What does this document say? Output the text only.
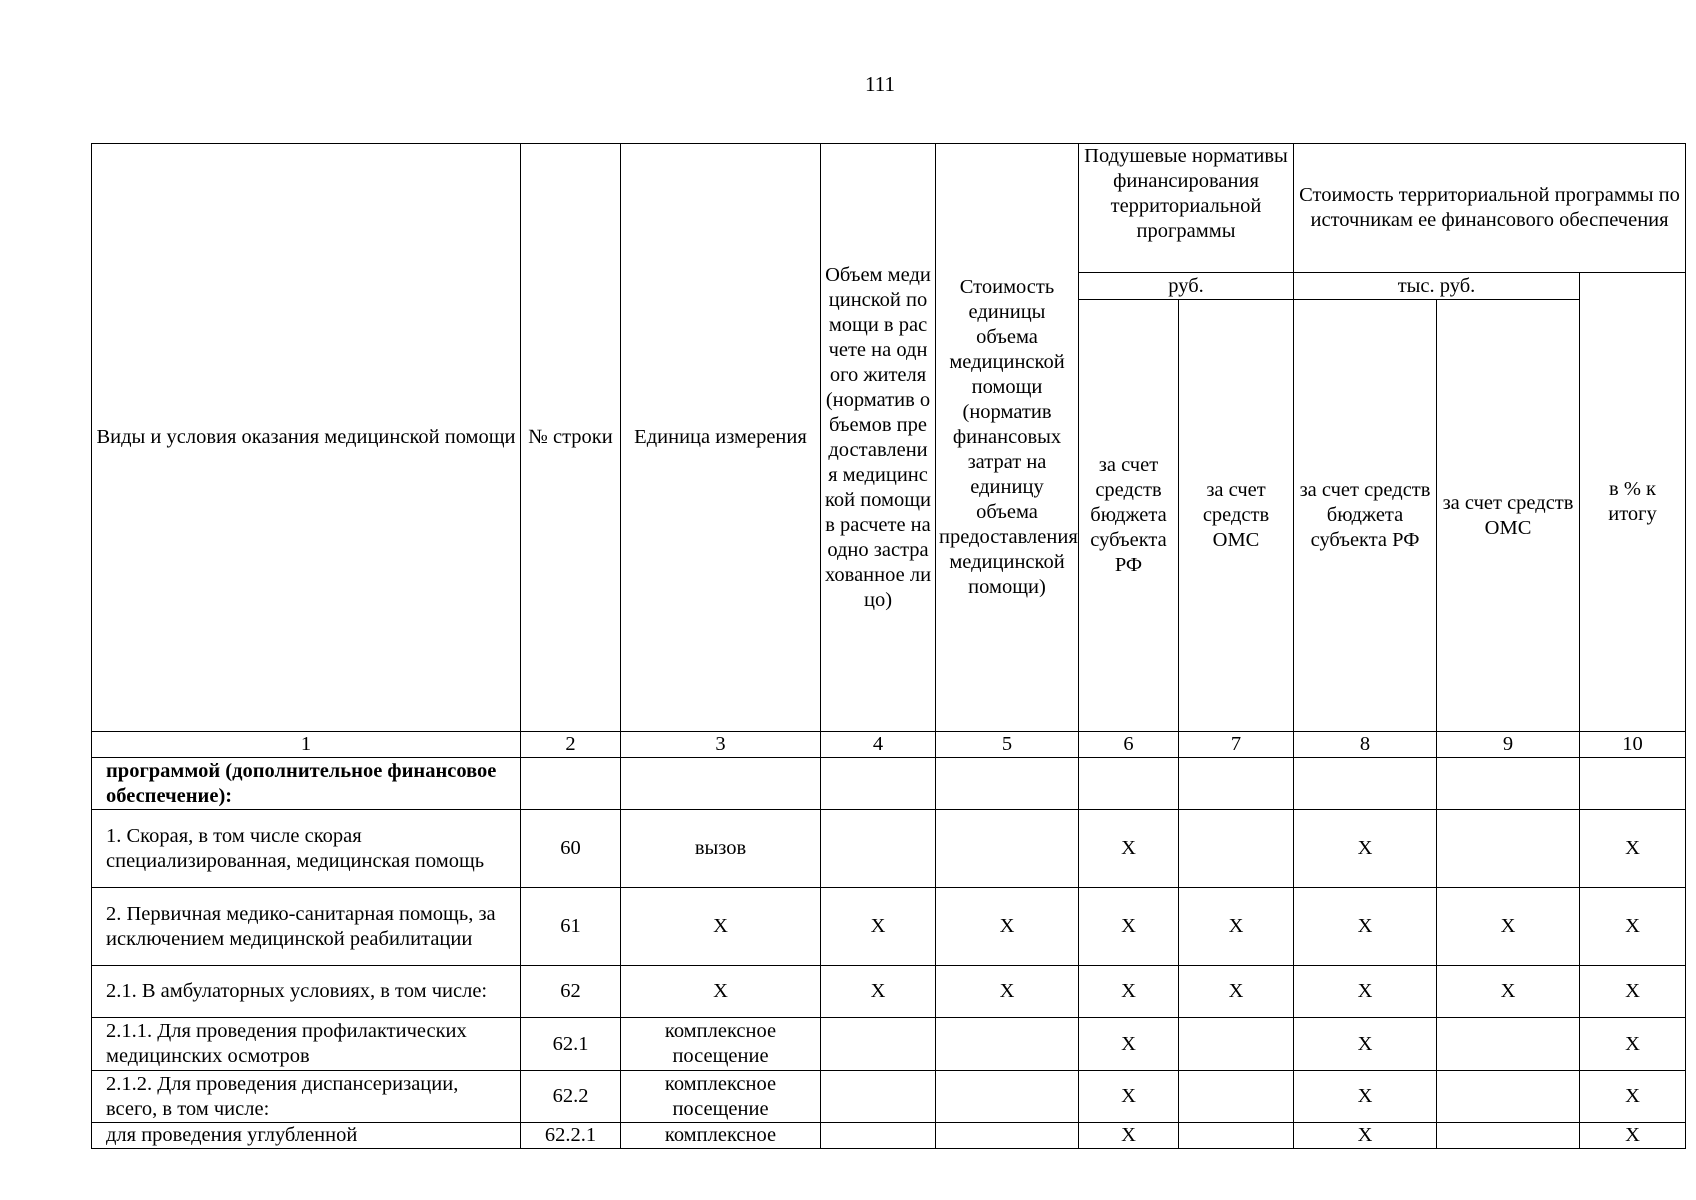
111
Виды и условия оказания медицинской помощи	№ строки	Единица измерения	Объем медицинской помощи в расчете на одного жителя (норматив объемов предоставления медицинской помощи в расчете на одно застрахованное лицо)	Стоимость единицы объема медицинской помощи (норматив финансовых затрат на единицу объема предоставления медицинской помощи)	Подушевые нормативы финансирования территориальной программы		Стоимость территориальной программы по источникам ее финансового обеспечения		
					руб.		тыс. руб.		в % к итогу
					за счет средств бюджета субъекта РФ	за счет средств ОМС	за счет средств бюджета субъекта РФ	за счет средств ОМС	
1	2	3	4	5	6	7	8	9	10
программой (дополнительное финансовое обеспечение):									
1. Скорая, в том числе скорая специализированная, медицинская помощь	60	вызов			Х		Х		Х
2. Первичная медико-санитарная помощь, за исключением медицинской реабилитации	61	Х	Х	Х	Х	Х	Х	Х	Х
2.1. В амбулаторных условиях, в том числе:	62	Х	Х	Х	Х	Х	Х	Х	Х
2.1.1. Для проведения профилактических медицинских осмотров	62.1	комплексное посещение			Х		Х		Х
2.1.2. Для проведения диспансеризации, всего, в том числе:	62.2	комплексное посещение			Х		Х		Х
для проведения углубленной	62.2.1	комплексное			Х		Х		Х
